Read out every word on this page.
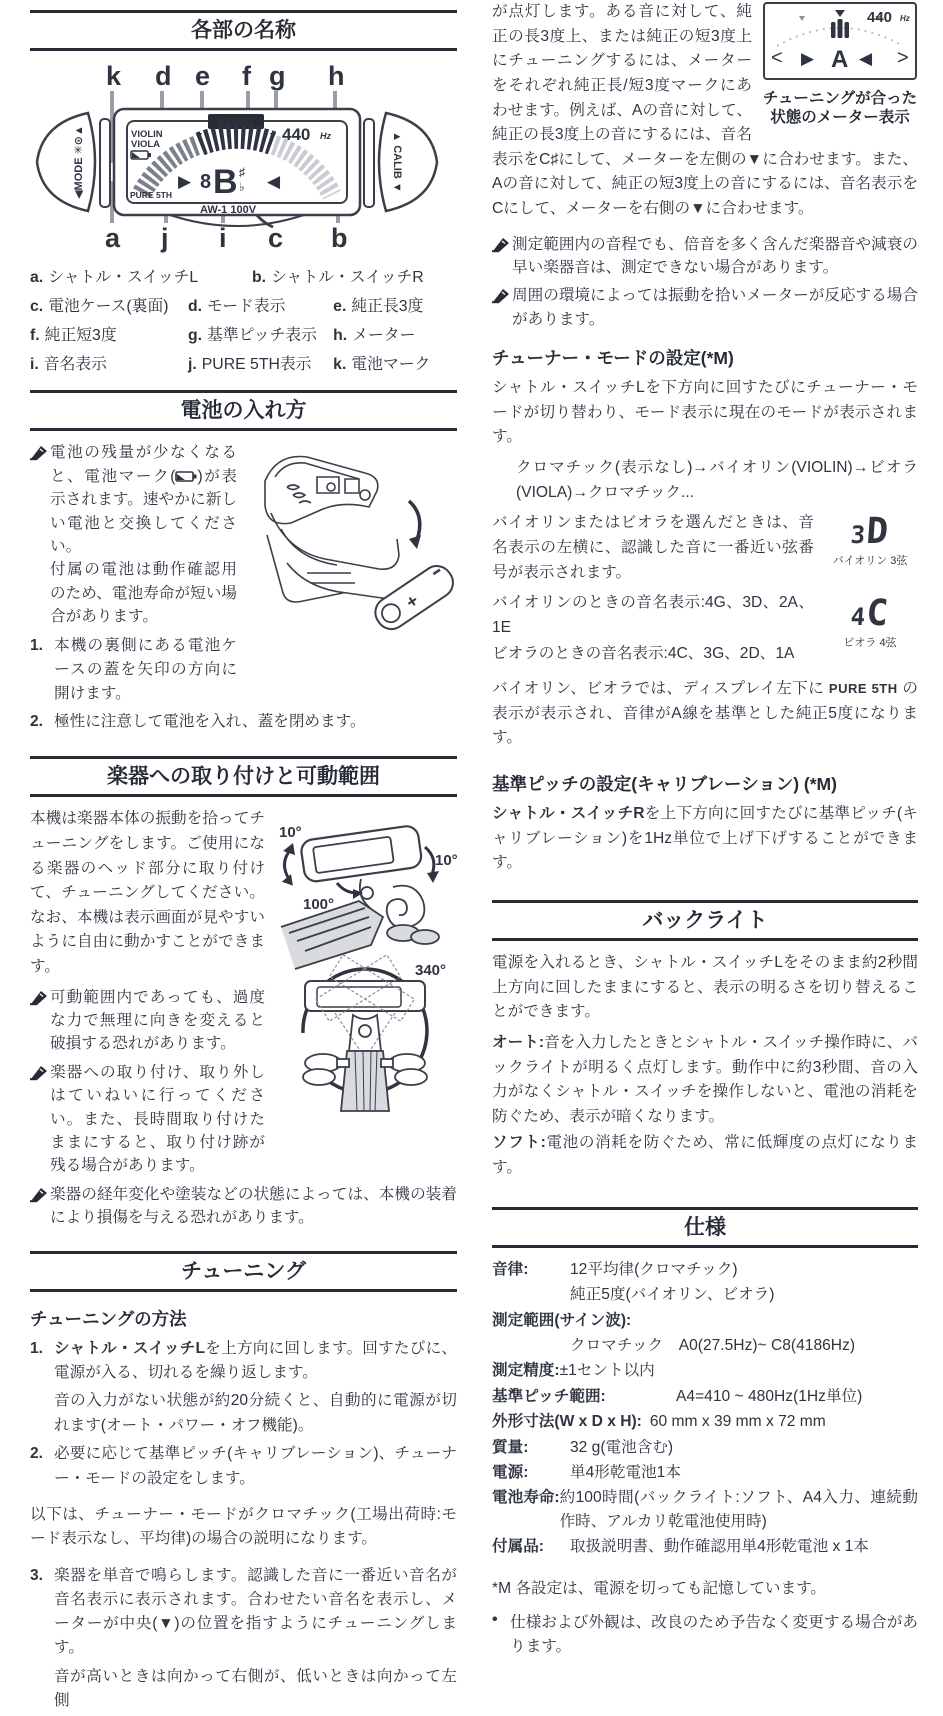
各部の名称
k d e f g h
a j i c b
◀MODE ✳⊙▲	▲ CALIB ▼
KORG
VIOLIN
VIOLA
440 Hz
▶ 8 B ♯
♭ ◀
PURE 5TH
AW-1 100V
a. シャトル・スイッチL	b. シャトル・スイッチR
c. 電池ケース(裏面)	d. モード表示	e. 純正長3度
f. 純正短3度	g. 基準ピッチ表示	h. メーター
i. 音名表示	j. PURE 5TH表示	k. 電池マーク
電池の入れ方
+
電池の残量が少なくなると、電池マーク( )が表示されます。速やかに新しい電池と交換してください。
付属の電池は動作確認用のため、電池寿命が短い場合があります。
1. 本機の裏側にある電池ケースの蓋を矢印の方向に開けます。
2. 極性に注意して電池を入れ、蓋を閉めます。
楽器への取り付けと可動範囲
10°
100°
10°
340°

本機は楽器本体の振動を拾ってチューニングをします。ご使用になる楽器のヘッド部分に取り付けて、チューニングしてください。なお、本機は表示画面が見やすいように自由に動かすことができます。

可動範囲内であっても、過度な力で無理に向きを変えると破損する恐れがあります。
楽器への取り付け、取り外しはていねいに行ってください。また、長時間取り付けたままにすると、取り付け跡が残る場合があります。
楽器の経年変化や塗装などの状態によっては、本機の装着により損傷を与える恐れがあります。
チューニング
チューニングの方法
1. シャトル・スイッチLを上方向に回します。回すたびに、電源が入る、切れるを繰り返します。

音の入力がない状態が約20分続くと、自動的に電源が切れます(オート・パワー・オフ機能)。

2. 必要に応じて基準ピッチ(キャリブレーション)、チューナー・モードの設定をします。

以下は、チューナー・モードがクロマチック(工場出荷時:モード表示なし、平均律)の場合の説明になります。

3. 楽器を単音で鳴らします。認識した音に一番近い音名が音名表示に表示されます。合わせたい音名を表示し、メーターが中央(▼)の位置を指すようにチューニングします。

音が高いときは向かって右側が、低いときは向かって左側

440 Hz
<	>
▶ A ◀
チューニングが合った
状態のメーター表示

が点灯します。ある音に対して、純正の長3度上、または純正の短3度上にチューニングするには、メーターをそれぞれ純正長/短3度マークにあわせます。例えば、Aの音に対して、純正の長3度上の音にするには、音名表示をC♯にして、メーターを左側の▼に合わせます。また、Aの音に対して、純正の短3度上の音にするには、音名表示をCにして、メーターを右側の▼に合わせます。

測定範囲内の音程でも、倍音を多く含んだ楽器音や減衰の早い楽器音は、測定できない場合があります。
周囲の環境によっては振動を拾いメーターが反応する場合があります。
チューナー・モードの設定(*M)

シャトル・スイッチLを下方向に回すたびにチューナー・モードが切り替わり、モード表示に現在のモードが表示されます。

クロマチック(表示なし)→バイオリン(VIOLIN)→ビオラ(VIOLA)→クロマチック...

3D
バイオリン 3弦

バイオリンまたはビオラを選んだときは、音名表示の左横に、認識した音に一番近い弦番号が表示されます。

4C
ビオラ 4弦

バイオリンのときの音名表示:4G、3D、2A、1E

ビオラのときの音名表示:4C、3G、2D、1A

バイオリン、ビオラでは、ディスプレイ左下に PURE 5TH の表示が表示され、音律がA線を基準とした純正5度になります。

基準ピッチの設定(キャリブレーション) (*M)

シャトル・スイッチRを上下方向に回すたびに基準ピッチ(キャリブレーション)を1Hz単位で上げ下げすることができます。

バックライト

電源を入れるとき、シャトル・スイッチLをそのまま約2秒間上方向に回したままにすると、表示の明るさを切り替えることができます。

オート:音を入力したときとシャトル・スイッチ操作時に、バックライトが明るく点灯します。動作中に約3秒間、音の入力がなくシャトル・スイッチを操作しないと、電池の消耗を防ぐため、表示が暗くなります。

ソフト:電池の消耗を防ぐため、常に低輝度の点灯になります。

仕様
音律:	12平均律(クロマチック)
純正5度(バイオリン、ビオラ)
測定範囲(サイン波):
クロマチック　A0(27.5Hz)~ C8(4186Hz)
測定精度: ±1セント以内
基準ピッチ範囲:	A4=410 ~ 480Hz(1Hz単位)
外形寸法(W x D x H): 60 mm x 39 mm x 72 mm
質量:	32 g(電池含む)
電源:	単4形乾電池1本
電池寿命: 約100時間(バックライト:ソフト、A4入力、連続動作時、アルカリ乾電池使用時)
付属品:	取扱説明書、動作確認用単4形乾電池 x 1本

*M 各設定は、電源を切っても記憶しています。

• 仕様および外観は、改良のため予告なく変更する場合があります。
